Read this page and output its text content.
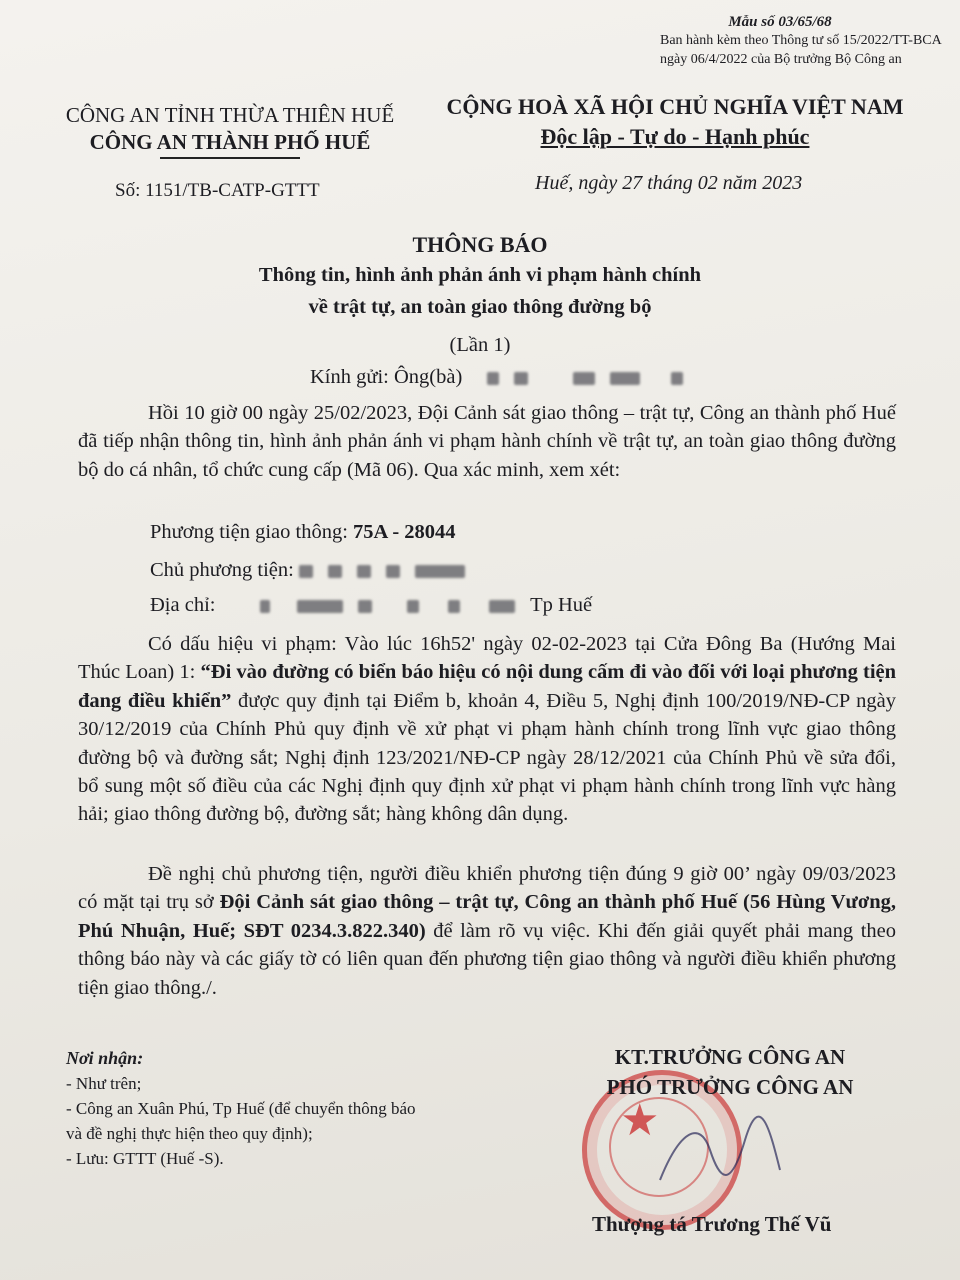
Mẫu số 03/65/68
Ban hành kèm theo Thông tư số 15/2022/TT-BCA
ngày 06/4/2022 của Bộ trưởng Bộ Công an
CÔNG AN TỈNH THỪA THIÊN HUẾ
CÔNG AN THÀNH PHỐ HUẾ
CỘNG HOÀ XÃ HỘI CHỦ NGHĨA VIỆT NAM
Độc lập - Tự do - Hạnh phúc
Số: 1151/TB-CATP-GTTT	Huế, ngày 27 tháng 02 năm 2023
THÔNG BÁO
Thông tin, hình ảnh phản ánh vi phạm hành chính
về trật tự, an toàn giao thông đường bộ
(Lần 1)
Kính gửi: Ông(bà)

Hồi 10 giờ 00 ngày 25/02/2023, Đội Cảnh sát giao thông – trật tự, Công an thành phố Huế đã tiếp nhận thông tin, hình ảnh phản ánh vi phạm hành chính về trật tự, an toàn giao thông đường bộ do cá nhân, tổ chức cung cấp (Mã 06). Qua xác minh, xem xét:

Phương tiện giao thông: 75A - 28044
Chủ phương tiện:
Địa chỉ:	Tp Huế

Có dấu hiệu vi phạm: Vào lúc 16h52' ngày 02-02-2023 tại Cửa Đông Ba (Hướng Mai Thúc Loan) 1: “Đi vào đường có biển báo hiệu có nội dung cấm đi vào đối với loại phương tiện đang điều khiển” được quy định tại Điểm b, khoản 4, Điều 5, Nghị định 100/2019/NĐ-CP ngày 30/12/2019 của Chính Phủ quy định về xử phạt vi phạm hành chính trong lĩnh vực giao thông đường bộ và đường sắt; Nghị định 123/2021/NĐ-CP ngày 28/12/2021 của Chính Phủ về sửa đổi, bổ sung một số điều của các Nghị định quy định xử phạt vi phạm hành chính trong lĩnh vực hàng hải; giao thông đường bộ, đường sắt; hàng không dân dụng.

Đề nghị chủ phương tiện, người điều khiển phương tiện đúng 9 giờ 00’ ngày 09/03/2023 có mặt tại trụ sở Đội Cảnh sát giao thông – trật tự, Công an thành phố Huế (56 Hùng Vương, Phú Nhuận, Huế; SĐT 0234.3.822.340) để làm rõ vụ việc. Khi đến giải quyết phải mang theo thông báo này và các giấy tờ có liên quan đến phương tiện giao thông và người điều khiển phương tiện giao thông./.

Nơi nhận:
- Như trên;
- Công an Xuân Phú, Tp Huế (để chuyển thông báo
và đề nghị thực hiện theo quy định);
- Lưu: GTTT (Huế -S).
★
KT.TRƯỞNG CÔNG AN
PHÓ TRƯỞNG CÔNG AN
Thượng tá Trương Thế Vũ
